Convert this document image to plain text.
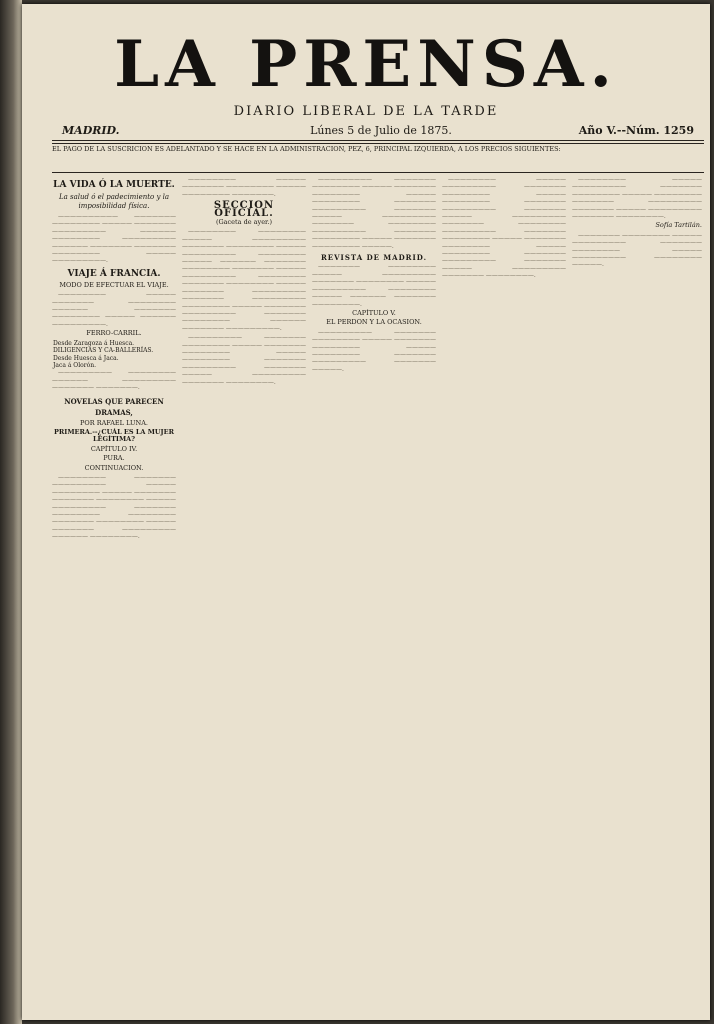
LA PRENSA.
DIARIO LIBERAL DE LA TARDE
MADRID.	Lúnes 5 de Julio de 1875.	Año V.--Núm. 1259
EL PAGO DE LA SUSCRICION ES ADELANTADO Y SE HACE EN LA ADMINISTRACION, PEZ, 6, PRINCIPAL IZQUIERDA, A LOS PRECIOS SIGUIENTES:
LA VIDA Ó LA MUERTE.
La salud ó el padecimiento y la imposibilidad física.

—————————— ——————— ———————— ————— ——————— ————————— —————— ———————— ————————— —————— ——————— ——————— ———————— ————— —————————.

VIAJE Á FRANCIA.
MODO DE EFECTUAR EL VIAJE.

———————— ————— ——————— ———————— —————— ——————— ———————— ————— —————— —————————.

FERRO-CARRIL.
Desde Zaragoza á Huesca.
DILIGENCIAS Y CA-BALLERÍAS.
Desde Huesca á Jaca.
Jaca á Olorón.

————————— ———————— —————— ————————— ——————— ———————.

NOVELAS QUE PARECEN DRAMAS,
POR RAFAEL LUNA.
PRIMERA.--¿CUÁL ES LA MUJER LEGÍTIMA?
CAPÍTULO IV.
PURA.
CONTINUACION.

———————— ——————— ————————— ————— ———————— ————— ——————— ——————— ———————— ————— ————————— ——————— ———————— ———————— ——————— ———————— ————— ——————— ————————— —————— ————————.

———————— ————— ——————— ———————— ————— ———————— ———————.

SECCION OFICIAL.
(Gaceta de ayer.)

———————— ———————— ————— ————————— ——————— ———————— ————— ————————— ———————— ————— —————— ——————— ———————— ——————— ————— ————————— ———————— ——————— ———————— ————— ——————— ————————— ——————— ————————— ———————— ————— ——————— ————————— ——————— ———————— —————— ——————— —————————.

————————— ——————— ———————— ————— ——————— ———————— ————— ———————— ——————— ————————— ——————— ————— ————————— ——————— ————————.

————————— ——————— ———————— ————— ——————— ———————— ————— ———————— ——————— ————————— ——————— ————— ————————— ——————— ———————— ————————— ——————— ———————— ————— ——————— ———————— —————.

REVISTA DE MADRID.

——————— ———————— ————— ————————— ——————— ———————— ————— ————————— ———————— ————— —————— ——————— ————————.

CAPÍTULO V.
EL PERDON Y LA OCASION.

————————— ——————— ———————— ————— ——————— ———————— ————— ———————— ——————— ————————— ——————— —————.

———————— ————— ————————— ——————— ———————— ————— ———————— ——————— ————————— ——————— ————— ————————— ——————— ———————— ————————— ——————— ———————— ————— ——————— ———————— ————— ———————— ——————— ————————— ——————— ————— ————————— ——————— ————————.

———————— ————— ————————— ——————— ———————— ————— ———————— ——————— ————————— ——————— ————— ————————— ——————— ————————.

Sofía Tartilán.

——————— ———————— ————— ————————— ——————— ———————— ————— ————————— ———————— —————.
